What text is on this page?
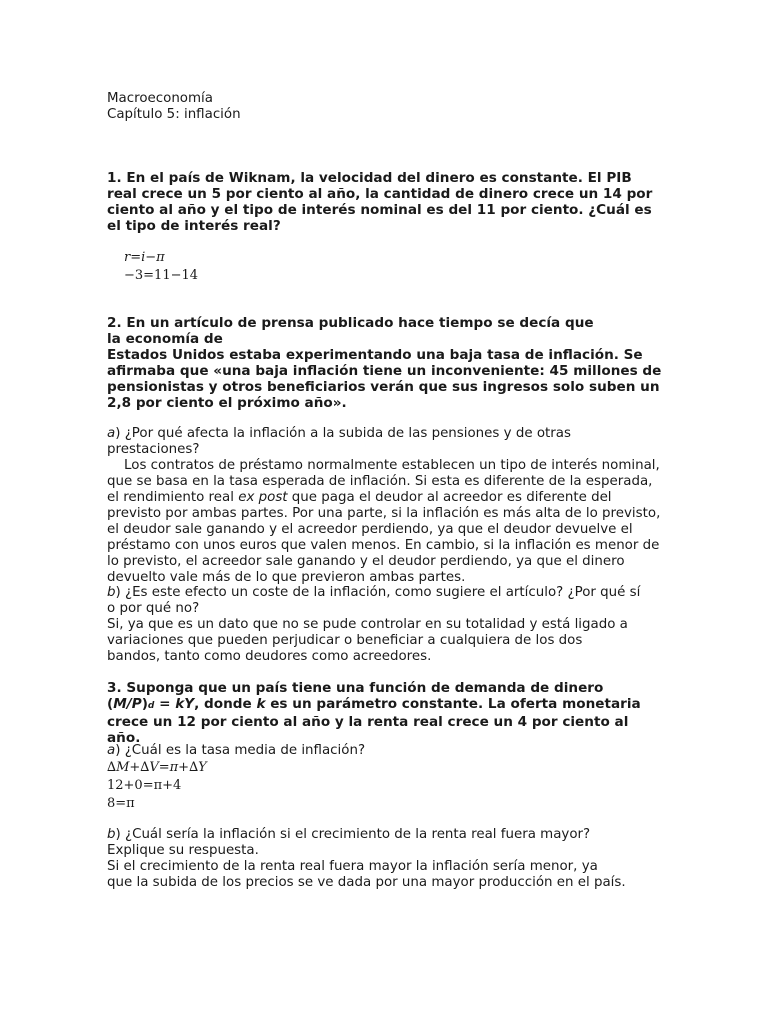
Macroeconomía
Capítulo 5: inflación
1. En el país de Wiknam, la velocidad del dinero es constante. El PIB real crece un 5 por ciento al año, la cantidad de dinero crece un 14 por ciento al año y el tipo de interés nominal es del 11 por ciento. ¿Cuál es el tipo de interés real?
r=i−π
−3=11−14
2. En un artículo de prensa publicado hace tiempo se decía que la economía de
Estados Unidos estaba experimentando una baja tasa de inflación. Se afirmaba que «una baja inflación tiene un inconveniente: 45 millones de pensionistas y otros beneficiarios verán que sus ingresos solo suben un 2,8 por ciento el próximo año».
a) ¿Por qué afecta la inflación a la subida de las pensiones y de otras prestaciones?
Los contratos de préstamo normalmente establecen un tipo de interés nominal, que se basa en la tasa esperada de inflación. Si esta es diferente de la esperada, el rendimiento real ex post que paga el deudor al acreedor es diferente del previsto por ambas partes. Por una parte, si la inflación es más alta de lo previsto, el deudor sale ganando y el acreedor perdiendo, ya que el deudor devuelve el préstamo con unos euros que valen menos. En cambio, si la inflación es menor de lo previsto, el acreedor sale ganando y el deudor perdiendo, ya que el dinero devuelto vale más de lo que previeron ambas partes.
b) ¿Es este efecto un coste de la inflación, como sugiere el artículo? ¿Por qué sí o por qué no?
Si, ya que es un dato que no se pude controlar en su totalidad y está ligado a variaciones que pueden perjudicar o beneficiar a cualquiera de los dos bandos, tanto como deudores como acreedores.
3. Suponga que un país tiene una función de demanda de dinero (M/P)d = kY, donde k es un parámetro constante. La oferta monetaria crece un 12 por ciento al año y la renta real crece un 4 por ciento al año.
a) ¿Cuál es la tasa media de inflación?
∆M+∆V=π+∆Y
12+0=π+4
8=π
b) ¿Cuál sería la inflación si el crecimiento de la renta real fuera mayor? Explique su respuesta.
Si el crecimiento de la renta real fuera mayor la inflación sería menor, ya que la subida de los precios se ve dada por una mayor producción en el país.
